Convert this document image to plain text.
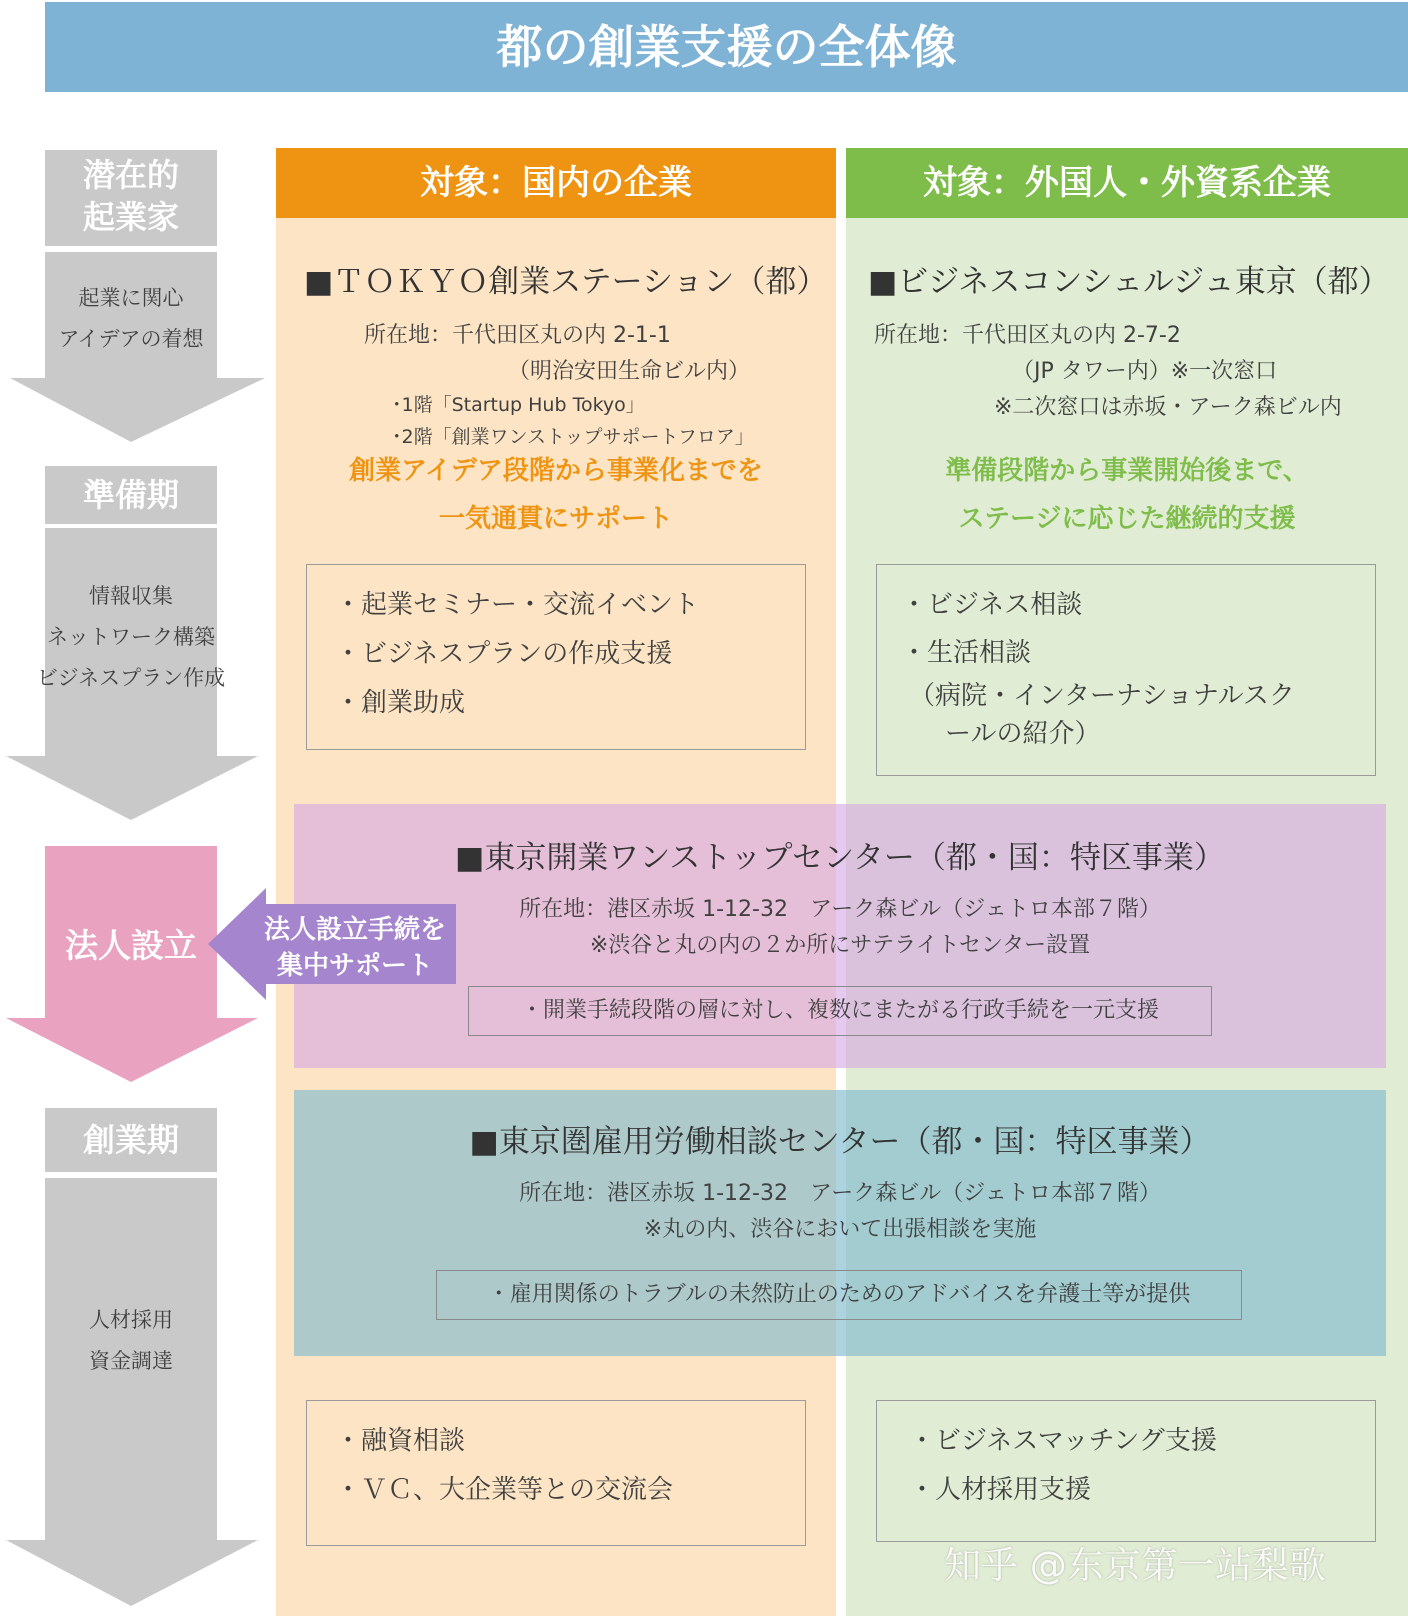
都の創業支援の全体像
潜在的
起業家
起業に関心
アイデアの着想
準備期
情報収集
ネットワーク構築
ビジネスプラン作成
法人設立
創業期
人材採用
資金調達
対象：国内の企業	対象：外国人・外資系企業
■ＴＯＫＹＯ創業ステーション（都）
所在地：千代田区丸の内 2-1-1
（明治安田生命ビル内）
･1階「Startup Hub Tokyo」
･2階「創業ワンストップサポートフロア」
創業アイデア段階から事業化までを
一気通貫にサポート
・起業セミナー・交流イベント
・ビジネスプランの作成支援
・創業助成
■ビジネスコンシェルジュ東京（都）
所在地：千代田区丸の内 2-7-2
（JP タワー内）※一次窓口
※二次窓口は赤坂・アーク森ビル内
準備段階から事業開始後まで、
ステージに応じた継続的支援
・ビジネス相談
・生活相談
（病院・インターナショナルスク
ールの紹介）
■東京開業ワンストップセンター（都・国：特区事業）
所在地：港区赤坂 1-12-32　アーク森ビル（ジェトロ本部７階）
※渋谷と丸の内の２か所にサテライトセンター設置
・開業手続段階の層に対し、複数にまたがる行政手続を一元支援
法人設立手続を
集中サポート
■東京圏雇用労働相談センター（都・国：特区事業）
所在地：港区赤坂 1-12-32　アーク森ビル（ジェトロ本部７階）
※丸の内、渋谷において出張相談を実施
・雇用関係のトラブルの未然防止のためのアドバイスを弁護士等が提供
・融資相談
・ＶＣ、大企業等との交流会
・ビジネスマッチング支援
・人材採用支援
知乎 @东京第一站梨歌
